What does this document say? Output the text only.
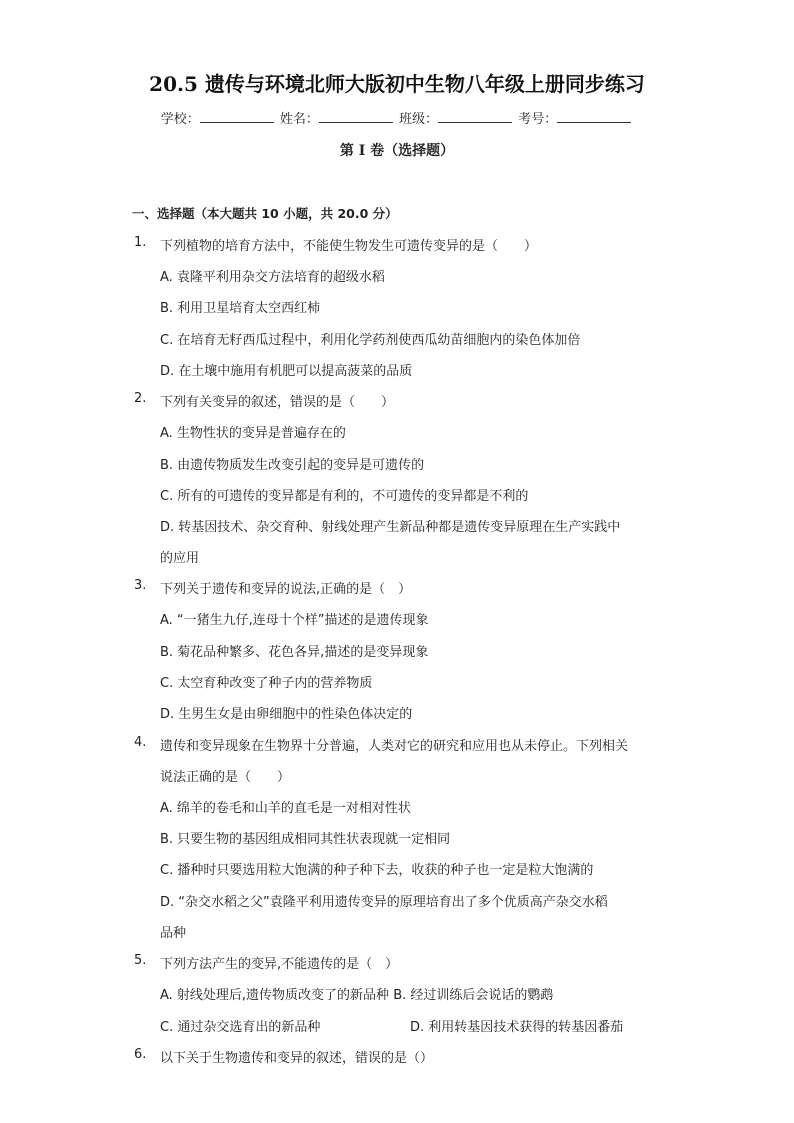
20.5 遗传与环境北师大版初中生物八年级上册同步练习
学校：	姓名：	班级：	考号：
第 I 卷（选择题）
一、选择题（本大题共 10 小题，共 20.0 分）
1. 下列植物的培育方法中，不能使生物发生可遗传变异的是（　　）
A. 袁隆平利用杂交方法培育的超级水稻
B. 利用卫星培育太空西红柿
C. 在培育无籽西瓜过程中，利用化学药剂使西瓜幼苗细胞内的染色体加倍
D. 在土壤中施用有机肥可以提高菠菜的品质
2. 下列有关变异的叙述，错误的是（　　）
A. 生物性状的变异是普遍存在的
B. 由遗传物质发生改变引起的变异是可遗传的
C. 所有的可遗传的变异都是有利的，不可遗传的变异都是不利的
D. 转基因技术、杂交育种、射线处理产生新品种都是遗传变异原理在生产实践中
的应用
3. 下列关于遗传和变异的说法,正确的是（　）
A. “一猪生九仔,连母十个样”描述的是遗传现象
B. 菊花品种繁多、花色各异,描述的是变异现象
C. 太空育种改变了种子内的营养物质
D. 生男生女是由卵细胞中的性染色体决定的
4. 遗传和变异现象在生物界十分普遍，人类对它的研究和应用也从未停止。下列相关
说法正确的是（　　）
A. 绵羊的卷毛和山羊的直毛是一对相对性状
B. 只要生物的基因组成相同其性状表现就一定相同
C. 播种时只要选用粒大饱满的种子种下去，收获的种子也一定是粒大饱满的
D. “杂交水稻之父”袁隆平利用遗传变异的原理培育出了多个优质高产杂交水稻
品种
5. 下列方法产生的变异,不能遗传的是（　）
A. 射线处理后,遗传物质改变了的新品种 B. 经过训练后会说话的鹦鹉
C. 通过杂交选育出的新品种	D. 利用转基因技术获得的转基因番茄
6. 以下关于生物遗传和变异的叙述，错误的是（）
